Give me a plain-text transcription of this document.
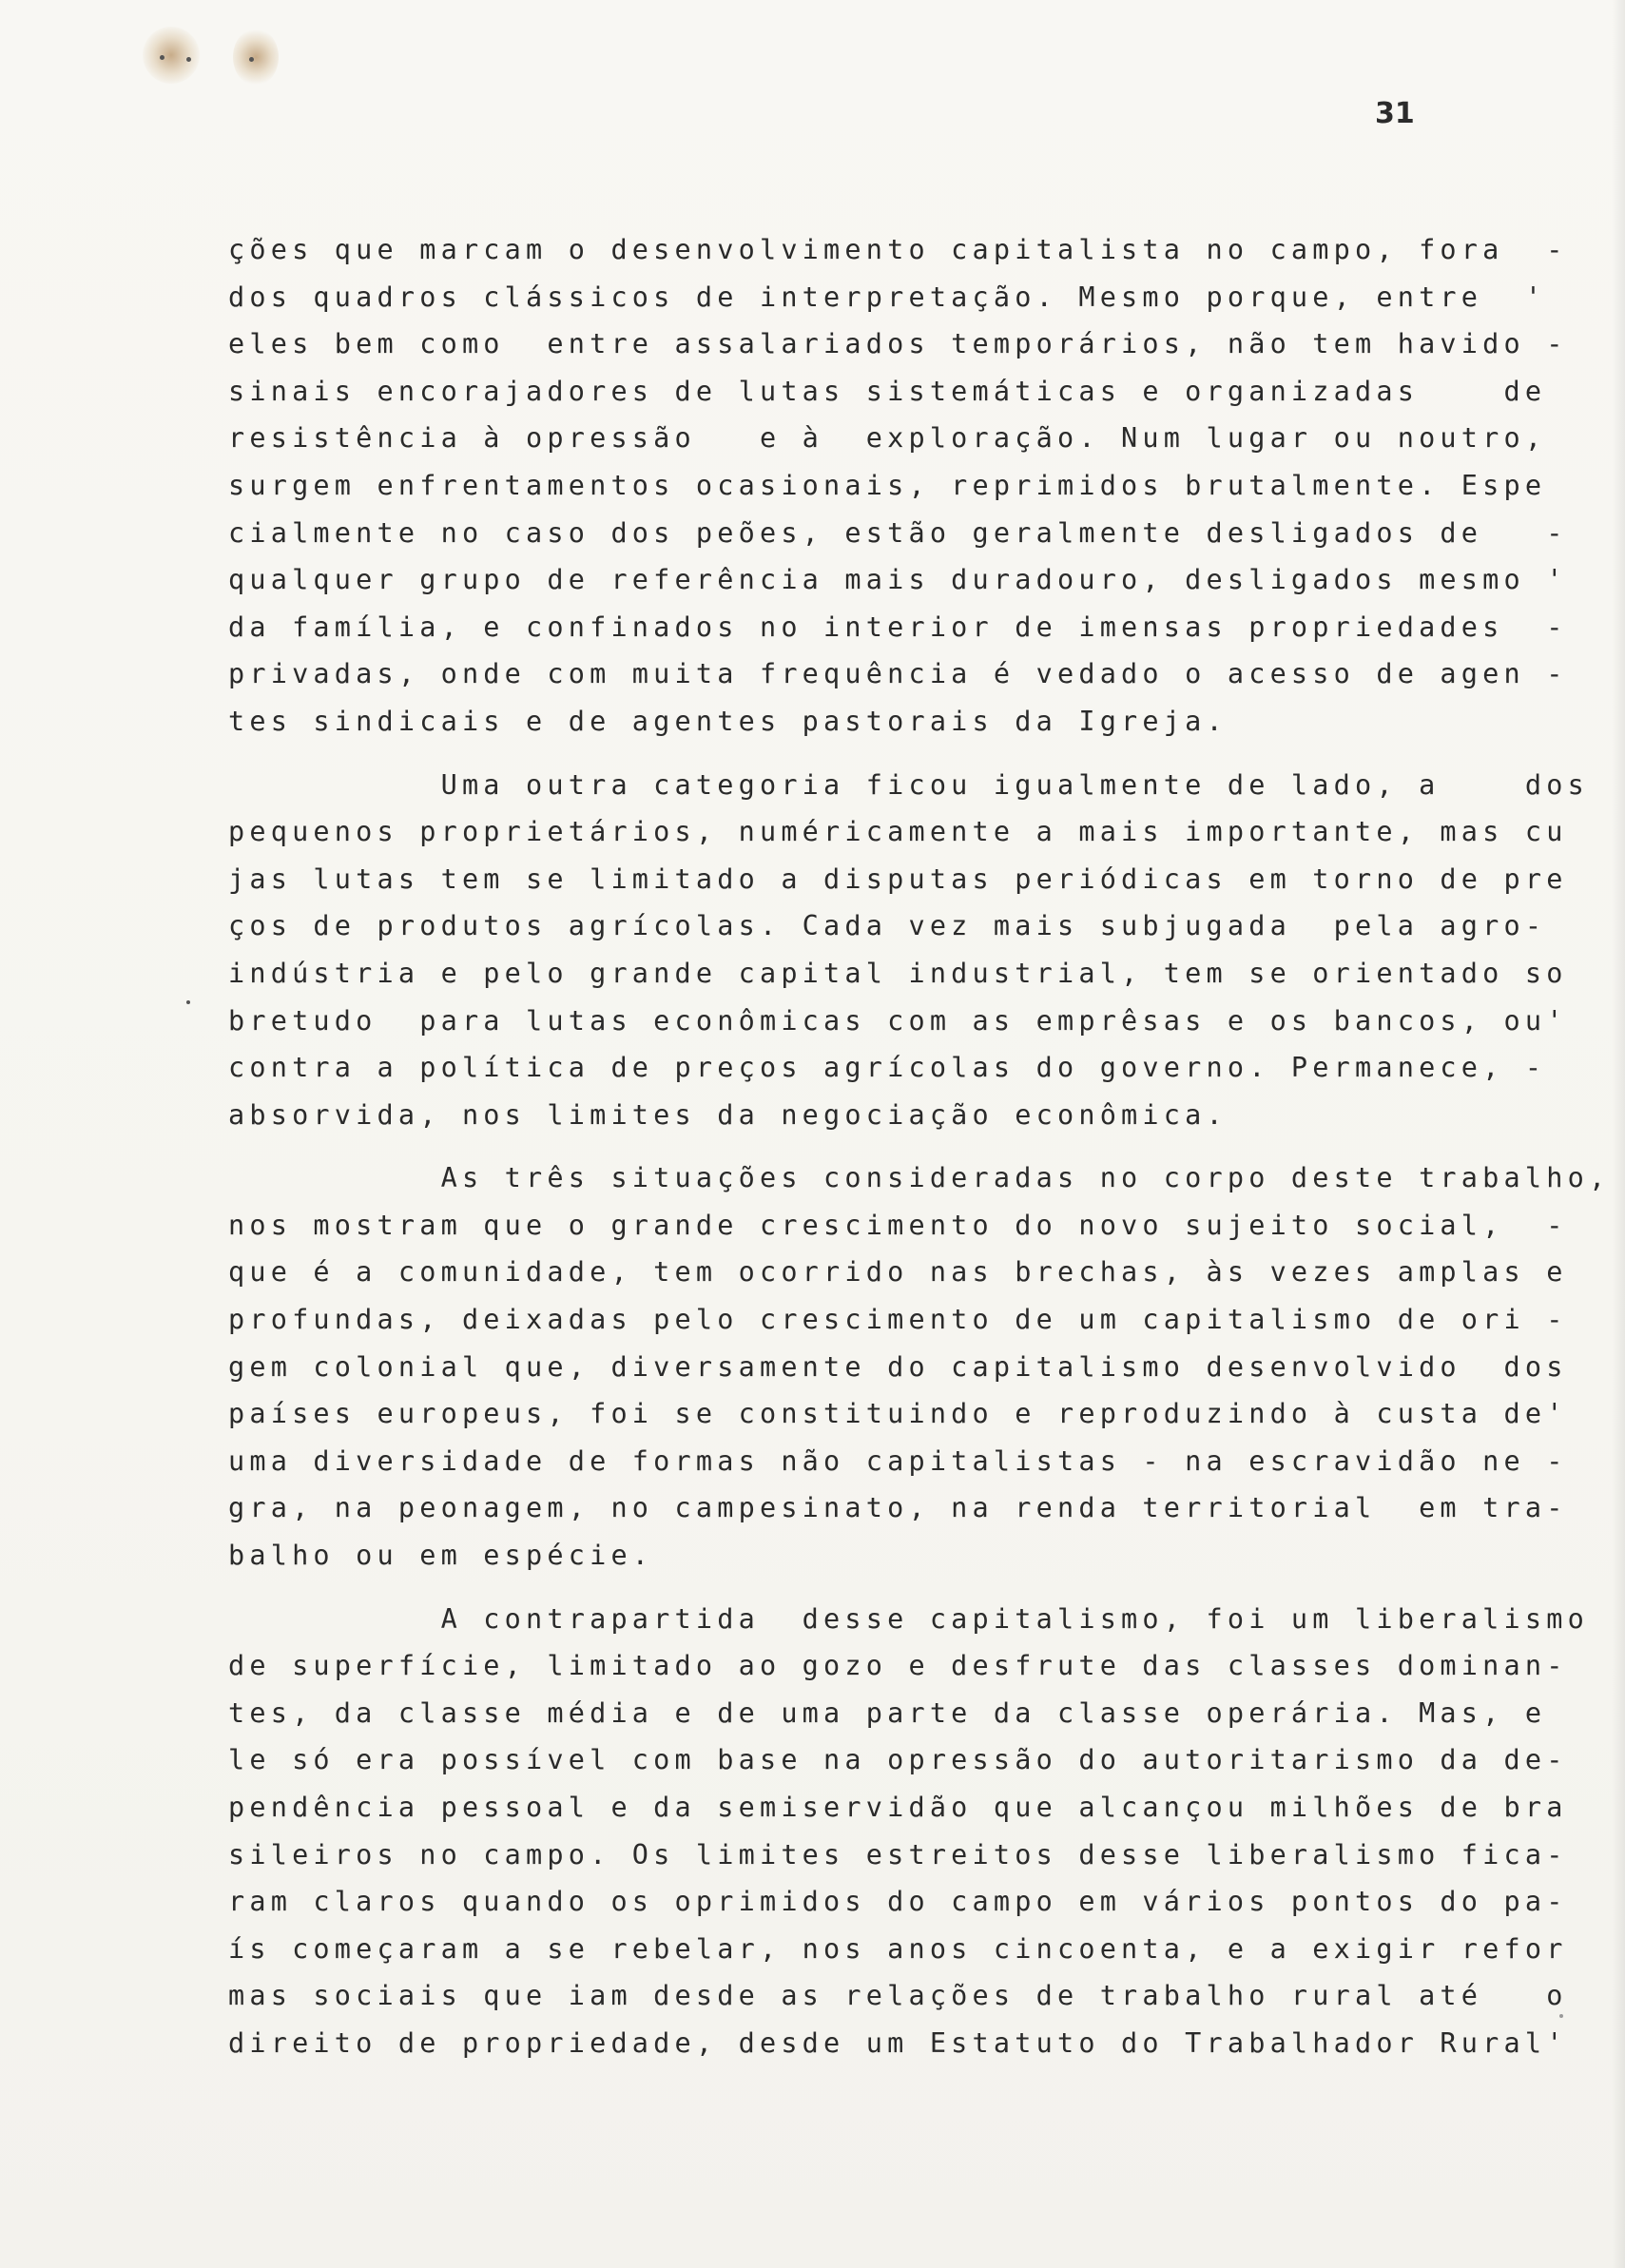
31
ções que marcam o desenvolvimento capitalista no campo, fora  -
dos quadros clássicos de interpretação. Mesmo porque, entre  '
eles bem como  entre assalariados temporários, não tem havido -
sinais encorajadores de lutas sistemáticas e organizadas    de
resistência à opressão   e à  exploração. Num lugar ou noutro,
surgem enfrentamentos ocasionais, reprimidos brutalmente. Espe
cialmente no caso dos peões, estão geralmente desligados de   -
qualquer grupo de referência mais duradouro, desligados mesmo '
da família, e confinados no interior de imensas propriedades  -
privadas, onde com muita frequência é vedado o acesso de agen -
tes sindicais e de agentes pastorais da Igreja.
Uma outra categoria ficou igualmente de lado, a    dos
pequenos proprietários, numéricamente a mais importante, mas cu
jas lutas tem se limitado a disputas periódicas em torno de pre
ços de produtos agrícolas. Cada vez mais subjugada  pela agro-
indústria e pelo grande capital industrial, tem se orientado so
bretudo  para lutas econômicas com as emprêsas e os bancos, ou'
contra a política de preços agrícolas do governo. Permanece, -
absorvida, nos limites da negociação econômica.
As três situações consideradas no corpo deste trabalho,
nos mostram que o grande crescimento do novo sujeito social,  -
que é a comunidade, tem ocorrido nas brechas, às vezes amplas e
profundas, deixadas pelo crescimento de um capitalismo de ori -
gem colonial que, diversamente do capitalismo desenvolvido  dos
países europeus, foi se constituindo e reproduzindo à custa de'
uma diversidade de formas não capitalistas - na escravidão ne -
gra, na peonagem, no campesinato, na renda territorial  em tra-
balho ou em espécie.
A contrapartida  desse capitalismo, foi um liberalismo
de superfície, limitado ao gozo e desfrute das classes dominan-
tes, da classe média e de uma parte da classe operária. Mas, e
le só era possível com base na opressão do autoritarismo da de-
pendência pessoal e da semiservidão que alcançou milhões de bra
sileiros no campo. Os limites estreitos desse liberalismo fica-
ram claros quando os oprimidos do campo em vários pontos do pa-
ís começaram a se rebelar, nos anos cincoenta, e a exigir refor
mas sociais que iam desde as relações de trabalho rural até   o
direito de propriedade, desde um Estatuto do Trabalhador Rural'
